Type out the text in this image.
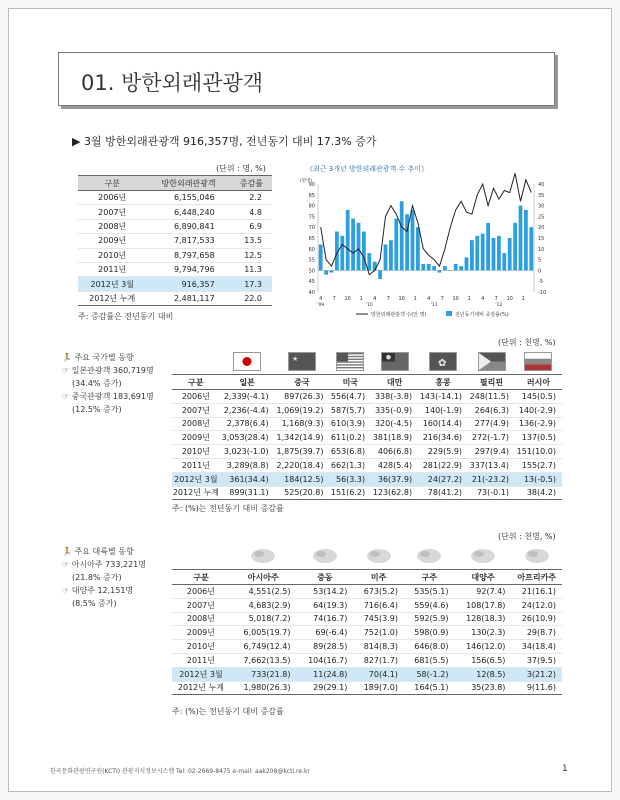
01. 방한외래관광객
▶ 3월 방한외래관광객 916,357명, 전년동기 대비 17.3% 증가
(단위 : 명, %)
구분	방한외래관광객	증감률
2006년	6,155,046	2.2
2007년	6,448,240	4.8
2008년	6,890,841	6.9
2009년	7,817,533	13.5
2010년	8,797,658	12.5
2011년	9,794,796	11.3
2012년 3월	916,357	17.3
2012년 누계	2,481,117	22.0
주: 증감률은 전년동기 대비
《최근 3개년 방한외래관광객 수 추이》
(만명)
90
85
80
75
70
65
60
55
50
45
40
40
35
30
25
20
15
10
5
0
-5
-10
4 7 10 1 4 7 10 1 4 7 10 1 4 7 10 1
'09	'10	'11	'12
방한외래관광객 수(만 명)	전년동기대비 증감률(%)
🏃 주요 국가별 동향
☞ 일본관광객 360,719명
(34.4% 증가)
☞ 중국관광객 183,691명
(12.5% 증가)
(단위 : 천명, %)

★			✿

구분	일본	중국	미국	대만	홍콩	필리핀	러시아
2006년	2,339(-4.1)	897(26.3)	556(4.7)	338(-3.8)	143(-14.1)	248(11.5)	145(0.5)
2007년	2,236(-4.4)	1,069(19.2)	587(5.7)	335(-0.9)	140(-1.9)	264(6.3)	140(-2.9)
2008년	2,378(6.4)	1,168(9.3)	610(3.9)	320(-4.5)	160(14.4)	277(4.9)	136(-2.9)
2009년	3,053(28.4)	1,342(14.9)	611(0.2)	381(18.9)	216(34.6)	272(-1.7)	137(0.5)
2010년	3,023(-1.0)	1,875(39.7)	653(6.8)	406(6.8)	229(5.9)	297(9.4)	151(10.0)
2011년	3,289(8.8)	2,220(18.4)	662(1.3)	428(5.4)	281(22.9)	337(13.4)	155(2.7)
2012년 3월	361(34.4)	184(12.5)	56(3.3)	36(37.9)	24(27.2)	21(-23.2)	13(-0.5)
2012년 누계	899(31.1)	525(20.8)	151(6.2)	123(62.8)	78(41.2)	73(-0.1)	38(4.2)
주: (%)는 전년동기 대비 증감률
🏃 주요 대륙별 동향
☞ 아시아주 733,221명
(21.8% 증가)
☞ 대양주 12,151명
(8.5% 증가)
(단위 : 천명, %)

구분	아시아주	중동	미주	구주	대양주	아프리카주
2006년	4,551(2.5)	53(14.2)	673(5.2)	535(5.1)	92(7.4)	21(16.1)
2007년	4,683(2.9)	64(19.3)	716(6.4)	559(4.6)	108(17.8)	24(12.0)
2008년	5,018(7.2)	74(16.7)	745(3.9)	592(5.9)	128(18.3)	26(10.9)
2009년	6,005(19.7)	69(-6.4)	752(1.0)	598(0.9)	130(2.3)	29(8.7)
2010년	6,749(12.4)	89(28.5)	814(8.3)	646(8.0)	146(12.0)	34(18.4)
2011년	7,662(13.5)	104(16.7)	827(1.7)	681(5.5)	156(6.5)	37(9.5)
2012년 3월	733(21.8)	11(24.8)	70(4.1)	58(-1.2)	12(8.5)	3(21.2)
2012년 누계	1,980(26.3)	29(29.1)	189(7.0)	164(5.1)	35(23.8)	9(11.6)
주: (%)는 전년동기 대비 증감률
한국문화관광연구원(KCTI) 관광지식정보시스템 Tel: 02-2669-8475 e-mail: aak208@kcti.re.kr	1
